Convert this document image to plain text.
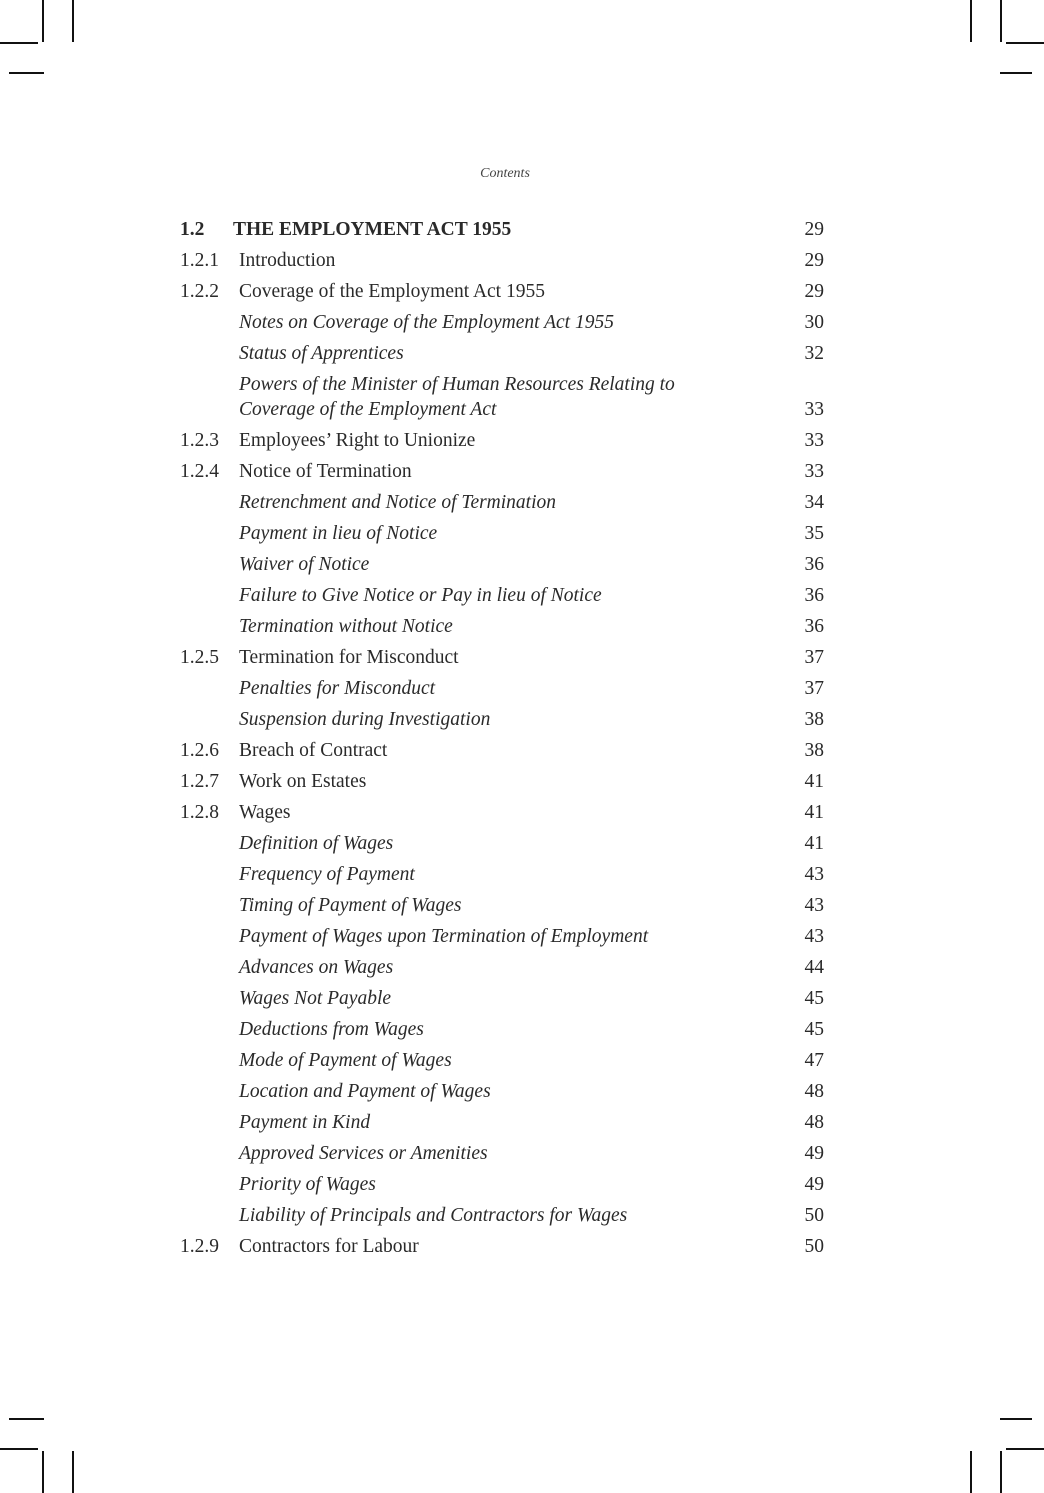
Contents
1.2 THE EMPLOYMENT ACT 1955	29
1.2.1 Introduction	29
1.2.2 Coverage of the Employment Act 1955	29
Notes on Coverage of the Employment Act 1955	30
Status of Apprentices	32
Powers of the Minister of Human Resources Relating to Coverage of the Employment Act	33
1.2.3 Employees’ Right to Unionize	33
1.2.4 Notice of Termination	33
Retrenchment and Notice of Termination	34
Payment in lieu of Notice	35
Waiver of Notice	36
Failure to Give Notice or Pay in lieu of Notice	36
Termination without Notice	36
1.2.5 Termination for Misconduct	37
Penalties for Misconduct	37
Suspension during Investigation	38
1.2.6 Breach of Contract	38
1.2.7 Work on Estates	41
1.2.8 Wages	41
Definition of Wages	41
Frequency of Payment	43
Timing of Payment of Wages	43
Payment of Wages upon Termination of Employment	43
Advances on Wages	44
Wages Not Payable	45
Deductions from Wages	45
Mode of Payment of Wages	47
Location and Payment of Wages	48
Payment in Kind	48
Approved Services or Amenities	49
Priority of Wages	49
Liability of Principals and Contractors for Wages	50
1.2.9 Contractors for Labour	50
